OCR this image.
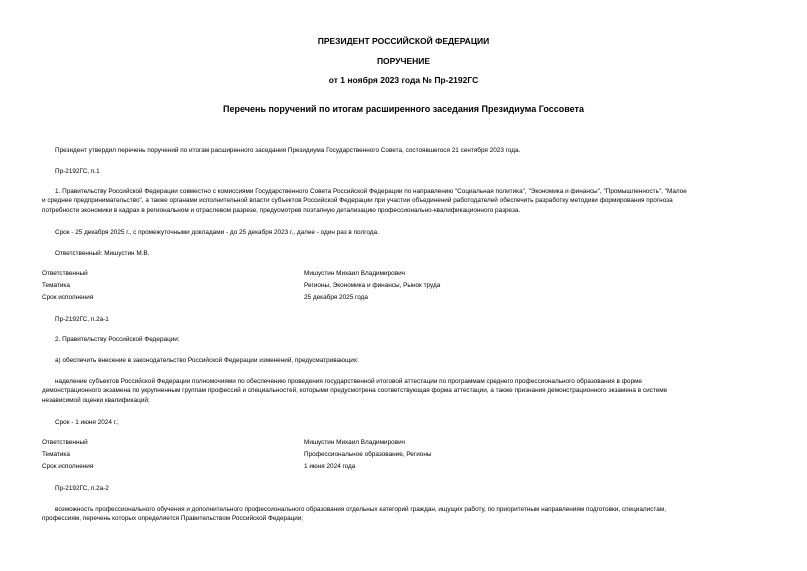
ПРЕЗИДЕНТ РОССИЙСКОЙ ФЕДЕРАЦИИ
ПОРУЧЕНИЕ
от 1 ноября 2023 года № Пр-2192ГС
Перечень поручений по итогам расширенного заседания Президиума Госсовета
Президент утвердил перечень поручений по итогам расширенного заседания Президиума Государственного Совета, состоявшегося 21 сентября 2023 года.
Пр-2192ГС, п.1
1. Правительству Российской Федерации совместно с комиссиями Государственного Совета Российской Федерации по направлению "Социальная политика", "Экономика и финансы", "Промышленность", "Малое
и среднее предпринимательство", а также органами исполнительной власти субъектов Российской Федерации при участии объединений работодателей обеспечить разработку методики формирования прогноза
потребности экономики в кадрах в региональном и отраслевом разрезе, предусмотрев поэтапную детализацию профессионально-квалификационного разреза.
Срок - 25 декабря 2025 г., с промежуточными докладами - до 25 декабря 2023 г., далее - один раз в полгода.
Ответственный: Мишустин М.В.
Ответственный	Мишустин Михаил Владимирович
Тематика	Регионы, Экономика и финансы, Рынок труда
Срок исполнения	25 декабря 2025 года
Пр-2192ГС, п.2а-1
2. Правительству Российской Федерации:
а) обеспечить внесение в законодательство Российской Федерации изменений, предусматривающих:
наделение субъектов Российской Федерации полномочиями по обеспечению проведения государственной итоговой аттестации по программам среднего профессионального образования в форме
демонстрационного экзамена по укрупненным группам профессий и специальностей, которыми предусмотрена соответствующая форма аттестации, а также признания демонстрационного экзамена в системе
независимой оценки квалификаций;
Срок - 1 июня 2024 г.;
Ответственный	Мишустин Михаил Владимирович
Тематика	Профессиональное образование, Регионы
Срок исполнения	1 июня 2024 года
Пр-2192ГС, п.2а-2
возможность профессионального обучения и дополнительного профессионального образования отдельных категорий граждан, ищущих работу, по приоритетным направлениям подготовки, специалистам,
профессиям, перечень которых определяется Правительством Российской Федерации;
